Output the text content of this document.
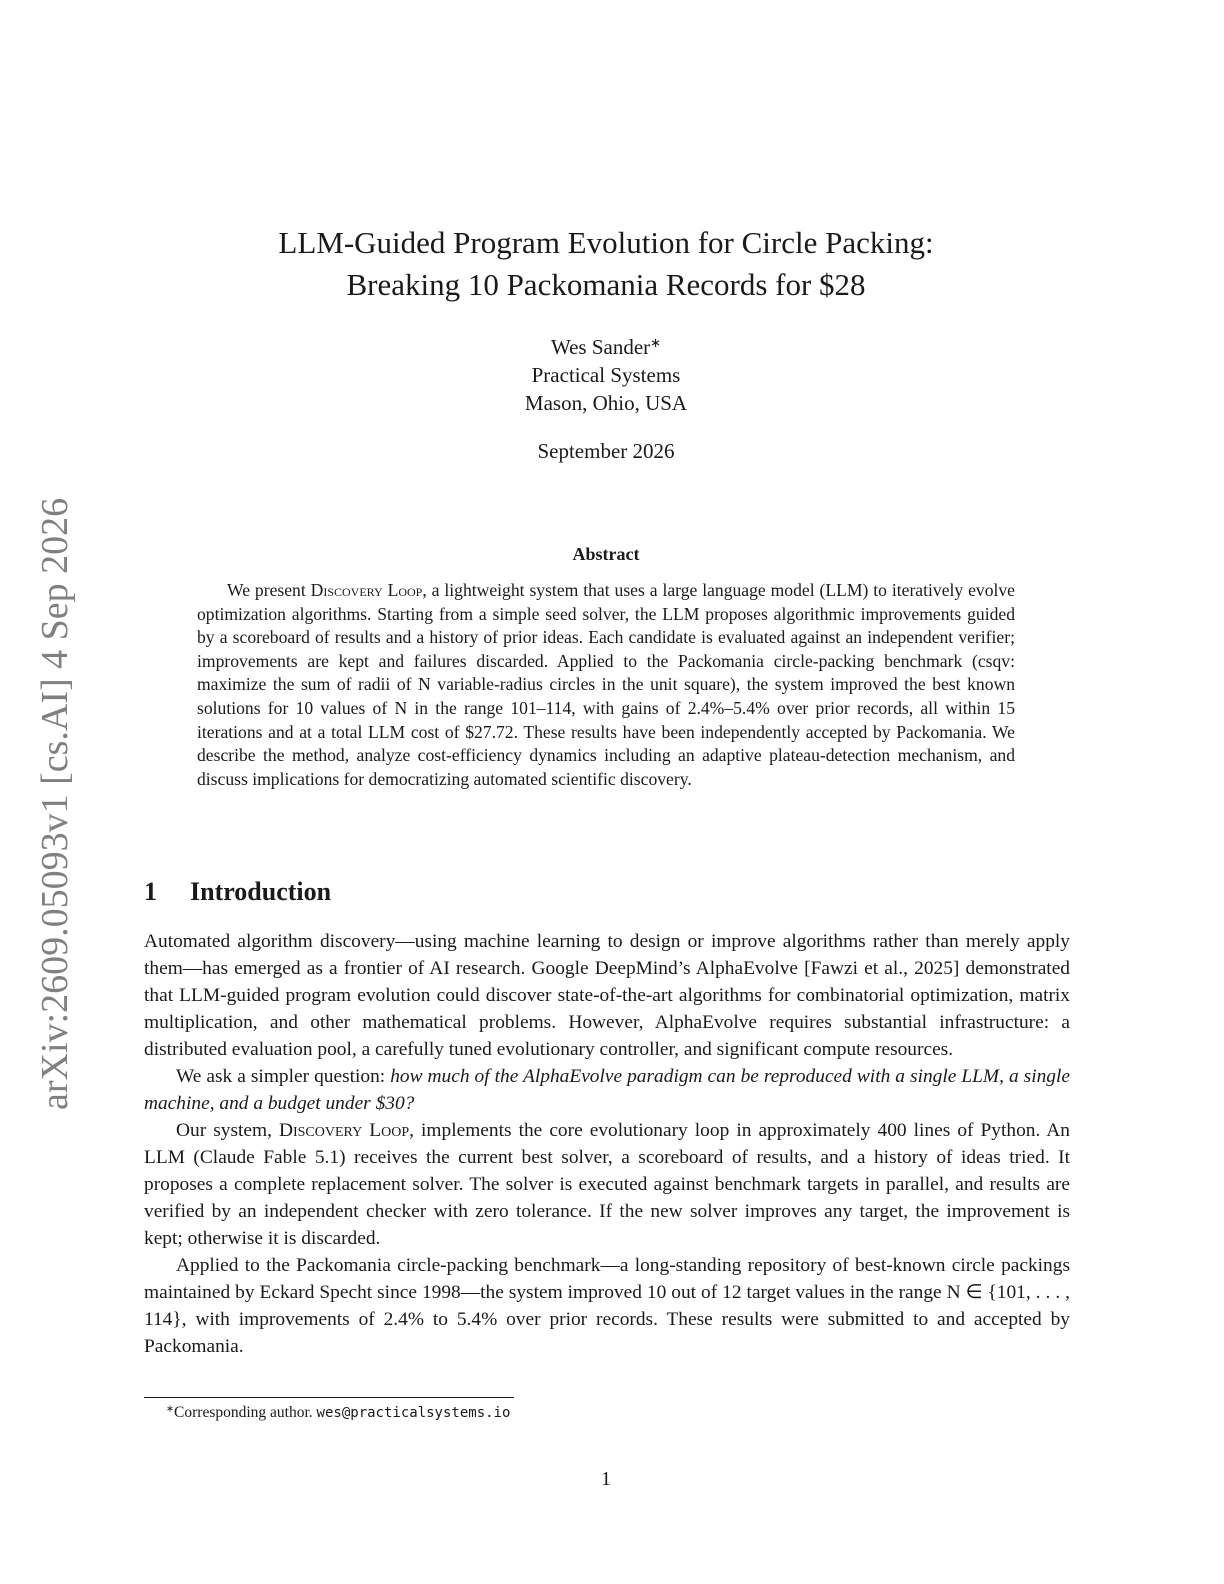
arXiv:2609.05093v1 [cs.AI] 4 Sep 2026
LLM-Guided Program Evolution for Circle Packing:
Breaking 10 Packomania Records for $28
Wes Sander∗
Practical Systems
Mason, Ohio, USA
September 2026
Abstract
We present Discovery Loop, a lightweight system that uses a large language model (LLM) to iteratively evolve optimization algorithms. Starting from a simple seed solver, the LLM proposes algorithmic improvements guided by a scoreboard of results and a history of prior ideas. Each candidate is evaluated against an independent verifier; improvements are kept and failures discarded. Applied to the Packomania circle-packing benchmark (csqv: maximize the sum of radii of N variable-radius circles in the unit square), the system improved the best known solutions for 10 values of N in the range 101–114, with gains of 2.4%–5.4% over prior records, all within 15 iterations and at a total LLM cost of $27.72. These results have been independently accepted by Packomania. We describe the method, analyze cost-efficiency dynamics including an adaptive plateau-detection mechanism, and discuss implications for democratizing automated scientific discovery.
1 Introduction

Automated algorithm discovery—using machine learning to design or improve algorithms rather than merely apply them—has emerged as a frontier of AI research. Google DeepMind’s AlphaEvolve [Fawzi et al., 2025] demonstrated that LLM-guided program evolution could discover state-of-the-art algorithms for combinatorial optimization, matrix multiplication, and other mathematical problems. However, AlphaEvolve requires substantial infrastructure: a distributed evaluation pool, a carefully tuned evolutionary controller, and significant compute resources.

We ask a simpler question: how much of the AlphaEvolve paradigm can be reproduced with a single LLM, a single machine, and a budget under $30?

Our system, Discovery Loop, implements the core evolutionary loop in approximately 400 lines of Python. An LLM (Claude Fable 5.1) receives the current best solver, a scoreboard of results, and a history of ideas tried. It proposes a complete replacement solver. The solver is executed against benchmark targets in parallel, and results are verified by an independent checker with zero tolerance. If the new solver improves any target, the improvement is kept; otherwise it is discarded.

Applied to the Packomania circle-packing benchmark—a long-standing repository of best-known circle packings maintained by Eckard Specht since 1998—the system improved 10 out of 12 target values in the range N ∈ {101, . . . , 114}, with improvements of 2.4% to 5.4% over prior records. These results were submitted to and accepted by Packomania.

∗Corresponding author. wes@practicalsystems.io
1
